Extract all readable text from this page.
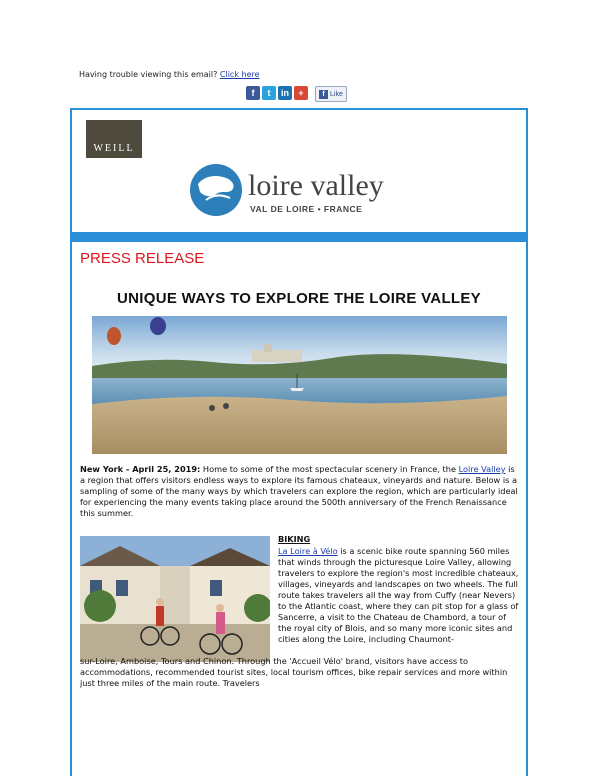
Having trouble viewing this email? Click here
f	t	in	+	f Like
WEILL
loire valley
VAL DE LOIRE • FRANCE
PRESS RELEASE
UNIQUE WAYS TO EXPLORE THE LOIRE VALLEY
New York - April 25, 2019: Home to some of the most spectacular scenery in France, the Loire Valley is a region that offers visitors endless ways to explore its famous chateaux, vineyards and nature. Below is a sampling of some of the many ways by which travelers can explore the region, which are particularly ideal for experiencing the many events taking place around the 500th anniversary of the French Renaissance this summer.
BIKING
La Loire à Vélo is a scenic bike route spanning 560 miles that winds through the picturesque Loire Valley, allowing travelers to explore the region's most incredible chateaux, villages, vineyards and landscapes on two wheels. The full route takes travelers all the way from Cuffy (near Nevers) to the Atlantic coast, where they can pit stop for a glass of Sancerre, a visit to the Chateau de Chambord, a tour of the royal city of Blois, and so many more iconic sites and cities along the Loire, including Chaumont-
sur-Loire, Amboise, Tours and Chinon. Through the 'Accueil Vélo' brand, visitors have access to accommodations, recommended tourist sites, local tourism offices, bike repair services and more within just three miles of the main route. Travelers
